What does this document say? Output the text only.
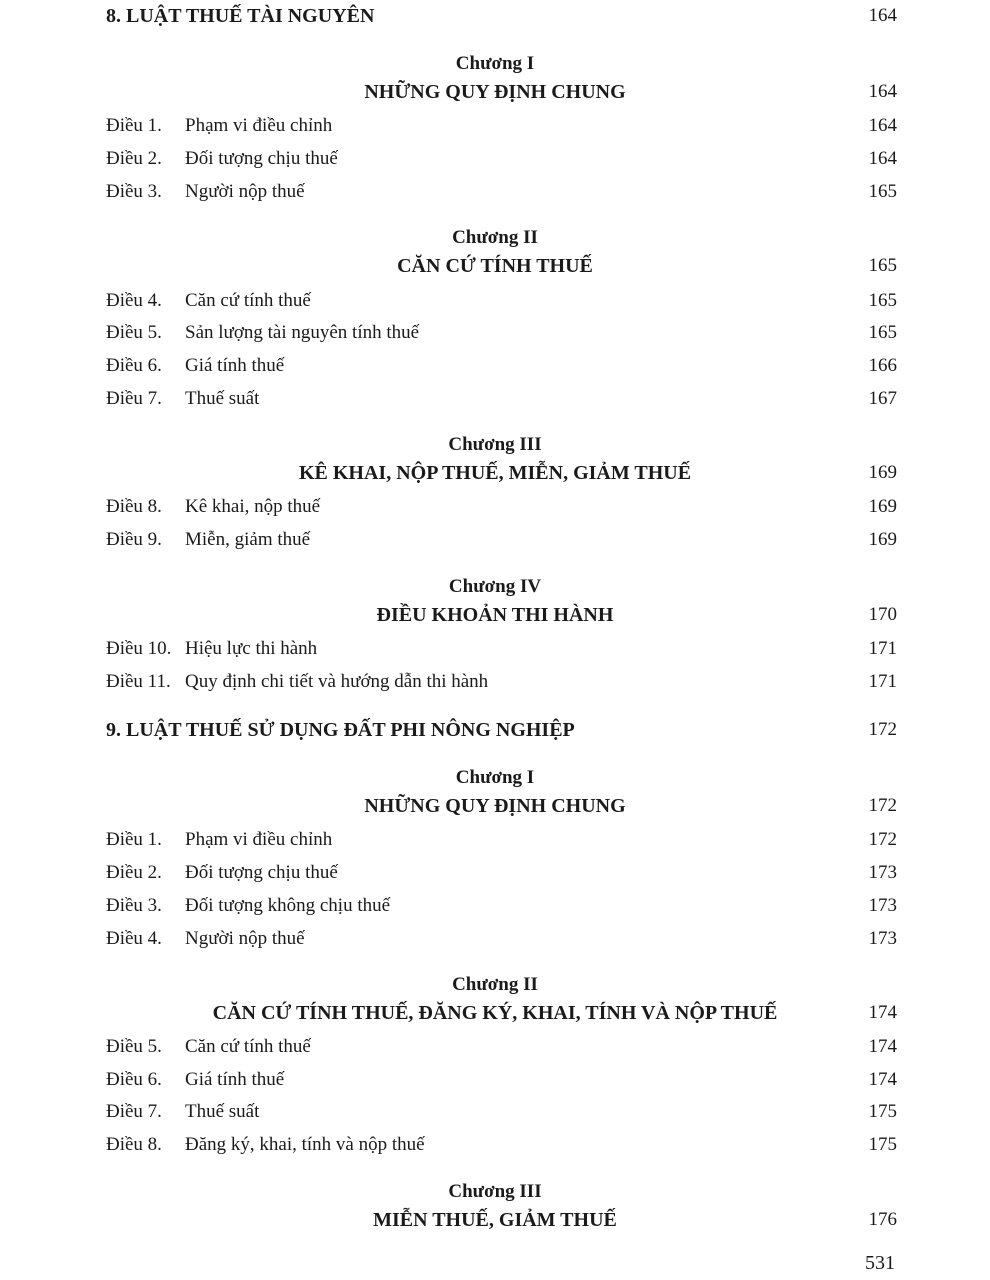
8. LUẬT THUẾ TÀI NGUYÊN	164
Chương I
NHỮNG QUY ĐỊNH CHUNG	164
Điều 1. Phạm vi điều chỉnh	164
Điều 2. Đối tượng chịu thuế	164
Điều 3. Người nộp thuế	165
Chương II
CĂN CỨ TÍNH THUẾ	165
Điều 4. Căn cứ tính thuế	165
Điều 5. Sản lượng tài nguyên tính thuế	165
Điều 6. Giá tính thuế	166
Điều 7. Thuế suất	167
Chương III
KÊ KHAI, NỘP THUẾ, MIỄN, GIẢM THUẾ	169
Điều 8. Kê khai, nộp thuế	169
Điều 9. Miễn, giảm thuế	169
Chương IV
ĐIỀU KHOẢN THI HÀNH	170
Điều 10. Hiệu lực thi hành	171
Điều 11. Quy định chi tiết và hướng dẫn thi hành	171
9. LUẬT THUẾ SỬ DỤNG ĐẤT PHI NÔNG NGHIỆP	172
Chương I
NHỮNG QUY ĐỊNH CHUNG	172
Điều 1. Phạm vi điều chỉnh	172
Điều 2. Đối tượng chịu thuế	173
Điều 3. Đối tượng không chịu thuế	173
Điều 4. Người nộp thuế	173
Chương II
CĂN CỨ TÍNH THUẾ, ĐĂNG KÝ, KHAI, TÍNH VÀ NỘP THUẾ	174
Điều 5. Căn cứ tính thuế	174
Điều 6. Giá tính thuế	174
Điều 7. Thuế suất	175
Điều 8. Đăng ký, khai, tính và nộp thuế	175
Chương III
MIỄN THUẾ, GIẢM THUẾ	176
531
